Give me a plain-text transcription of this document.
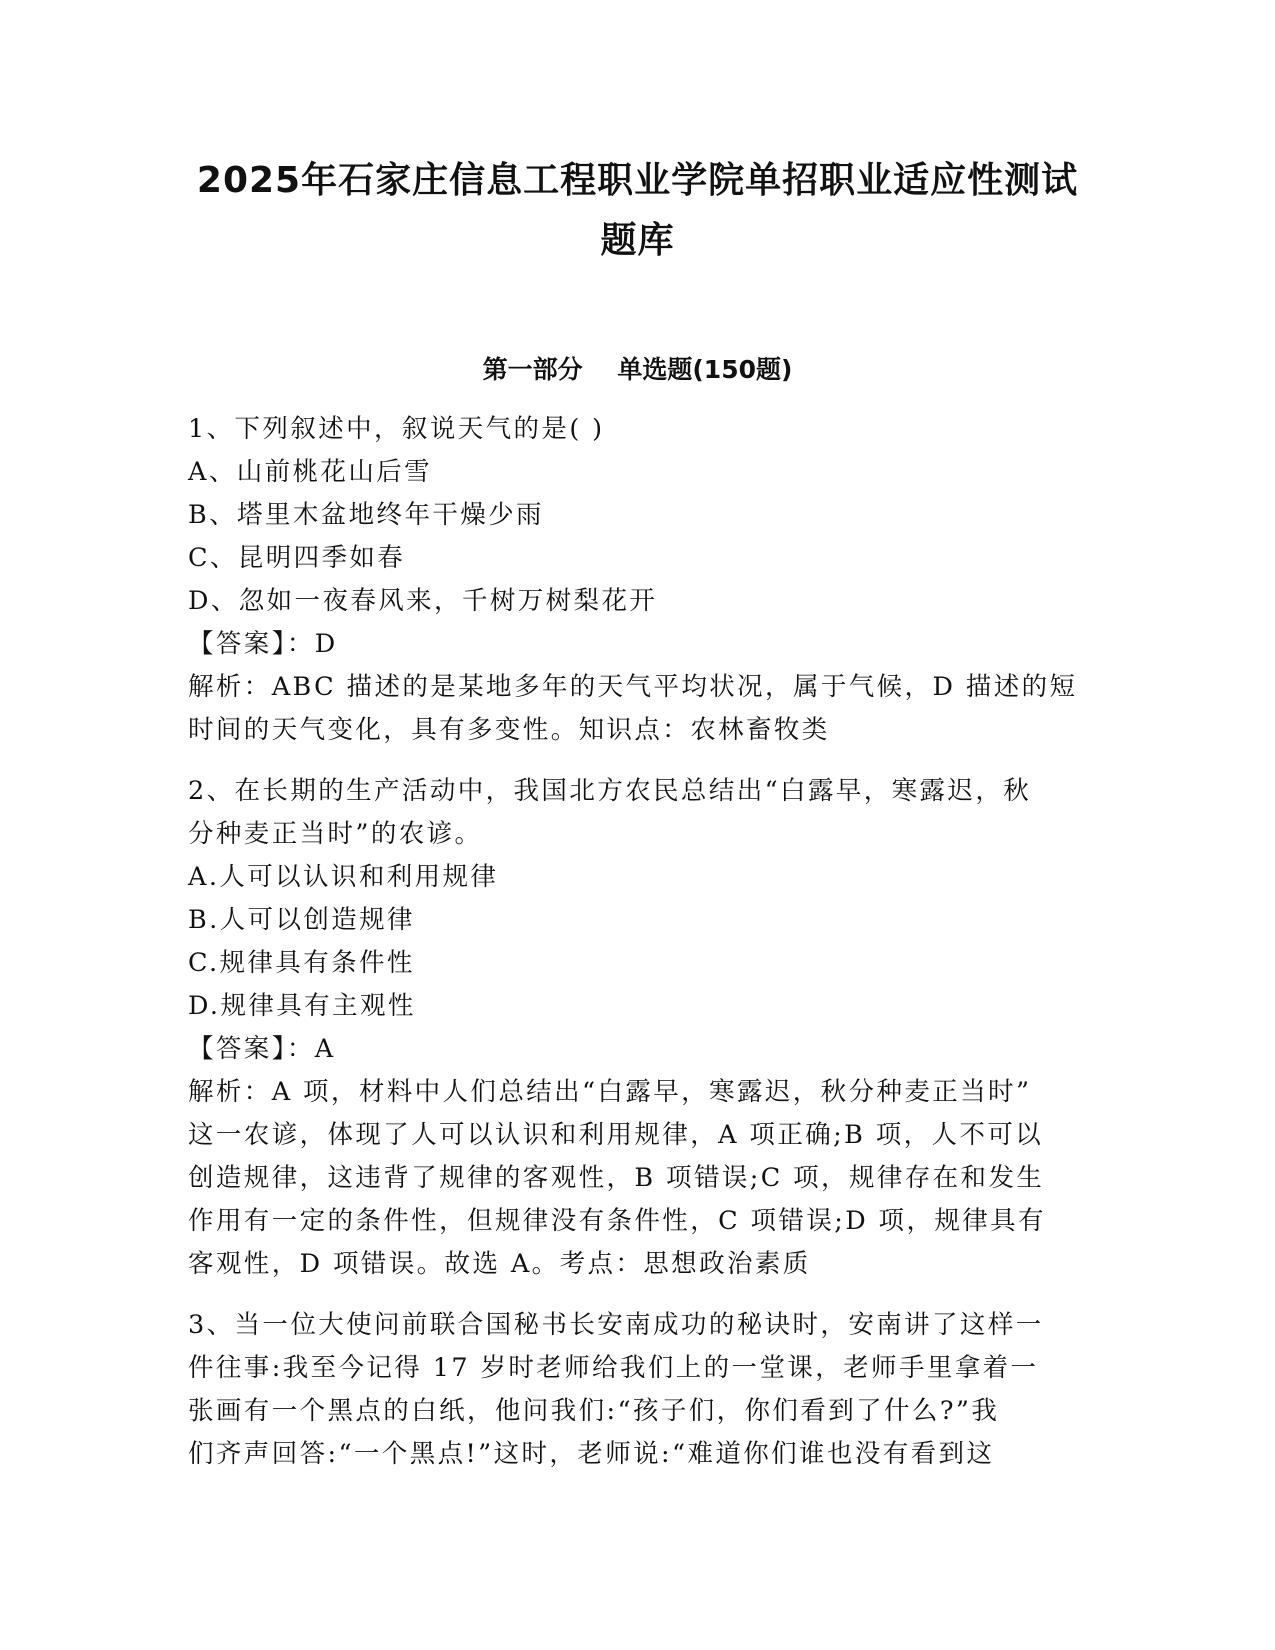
2025年石家庄信息工程职业学院单招职业适应性测试
题库
第一部分    单选题(150题)
1、下列叙述中，叙说天气的是( )
A、山前桃花山后雪
B、塔里木盆地终年干燥少雨
C、昆明四季如春
D、忽如一夜春风来，千树万树梨花开
【答案】：D
解析：ABC 描述的是某地多年的天气平均状况，属于气候，D 描述的短
时间的天气变化，具有多变性。知识点：农林畜牧类
2、在长期的生产活动中，我国北方农民总结出“白露早，寒露迟，秋
分种麦正当时”的农谚。
A.人可以认识和利用规律
B.人可以创造规律
C.规律具有条件性
D.规律具有主观性
【答案】：A
解析：A 项，材料中人们总结出“白露早，寒露迟，秋分种麦正当时”
这一农谚，体现了人可以认识和利用规律，A 项正确;B 项，人不可以
创造规律，这违背了规律的客观性，B 项错误;C 项，规律存在和发生
作用有一定的条件性，但规律没有条件性，C 项错误;D 项，规律具有
客观性，D 项错误。故选 A。考点：思想政治素质
3、当一位大使问前联合国秘书长安南成功的秘诀时，安南讲了这样一
件往事:我至今记得 17 岁时老师给我们上的一堂课，老师手里拿着一
张画有一个黑点的白纸，他问我们:“孩子们，你们看到了什么?”我
们齐声回答:“一个黑点!”这时，老师说:“难道你们谁也没有看到这
